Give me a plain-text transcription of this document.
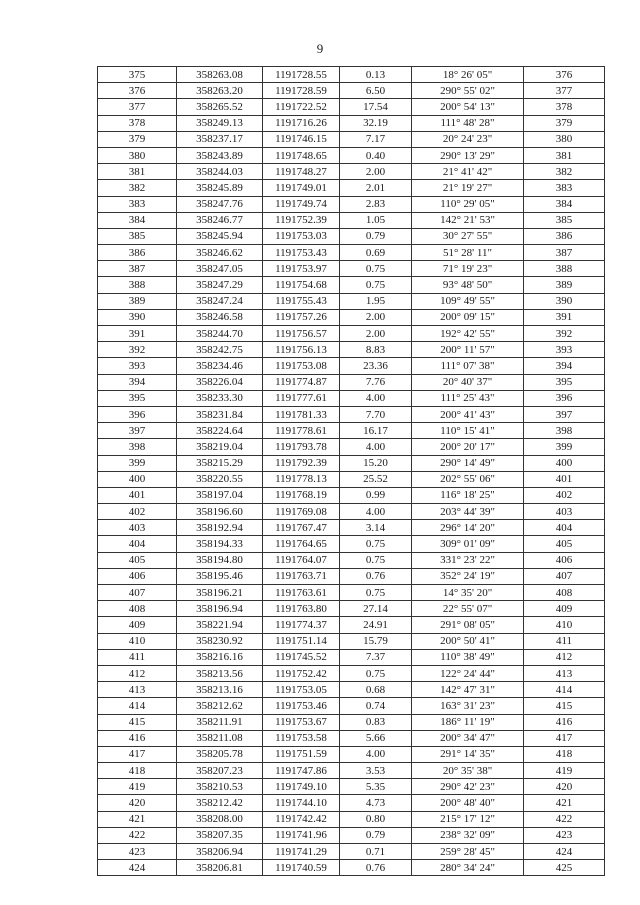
9
375	358263.08	1191728.55	0.13	18° 26' 05"	376
376	358263.20	1191728.59	6.50	290° 55' 02"	377
377	358265.52	1191722.52	17.54	200° 54' 13"	378
378	358249.13	1191716.26	32.19	111° 48' 28"	379
379	358237.17	1191746.15	7.17	20° 24' 23"	380
380	358243.89	1191748.65	0.40	290° 13' 29"	381
381	358244.03	1191748.27	2.00	21° 41' 42"	382
382	358245.89	1191749.01	2.01	21° 19' 27"	383
383	358247.76	1191749.74	2.83	110° 29' 05"	384
384	358246.77	1191752.39	1.05	142° 21' 53"	385
385	358245.94	1191753.03	0.79	30° 27' 55"	386
386	358246.62	1191753.43	0.69	51° 28' 11"	387
387	358247.05	1191753.97	0.75	71° 19' 23"	388
388	358247.29	1191754.68	0.75	93° 48' 50"	389
389	358247.24	1191755.43	1.95	109° 49' 55"	390
390	358246.58	1191757.26	2.00	200° 09' 15"	391
391	358244.70	1191756.57	2.00	192° 42' 55"	392
392	358242.75	1191756.13	8.83	200° 11' 57"	393
393	358234.46	1191753.08	23.36	111° 07' 38"	394
394	358226.04	1191774.87	7.76	20° 40' 37"	395
395	358233.30	1191777.61	4.00	111° 25' 43"	396
396	358231.84	1191781.33	7.70	200° 41' 43"	397
397	358224.64	1191778.61	16.17	110° 15' 41"	398
398	358219.04	1191793.78	4.00	200° 20' 17"	399
399	358215.29	1191792.39	15.20	290° 14' 49"	400
400	358220.55	1191778.13	25.52	202° 55' 06"	401
401	358197.04	1191768.19	0.99	116° 18' 25"	402
402	358196.60	1191769.08	4.00	203° 44' 39"	403
403	358192.94	1191767.47	3.14	296° 14' 20"	404
404	358194.33	1191764.65	0.75	309° 01' 09"	405
405	358194.80	1191764.07	0.75	331° 23' 22"	406
406	358195.46	1191763.71	0.76	352° 24' 19"	407
407	358196.21	1191763.61	0.75	14° 35' 20"	408
408	358196.94	1191763.80	27.14	22° 55' 07"	409
409	358221.94	1191774.37	24.91	291° 08' 05"	410
410	358230.92	1191751.14	15.79	200° 50' 41"	411
411	358216.16	1191745.52	7.37	110° 38' 49"	412
412	358213.56	1191752.42	0.75	122° 24' 44"	413
413	358213.16	1191753.05	0.68	142° 47' 31"	414
414	358212.62	1191753.46	0.74	163° 31' 23"	415
415	358211.91	1191753.67	0.83	186° 11' 19"	416
416	358211.08	1191753.58	5.66	200° 34' 47"	417
417	358205.78	1191751.59	4.00	291° 14' 35"	418
418	358207.23	1191747.86	3.53	20° 35' 38"	419
419	358210.53	1191749.10	5.35	290° 42' 23"	420
420	358212.42	1191744.10	4.73	200° 48' 40"	421
421	358208.00	1191742.42	0.80	215° 17' 12"	422
422	358207.35	1191741.96	0.79	238° 32' 09"	423
423	358206.94	1191741.29	0.71	259° 28' 45"	424
424	358206.81	1191740.59	0.76	280° 34' 24"	425
